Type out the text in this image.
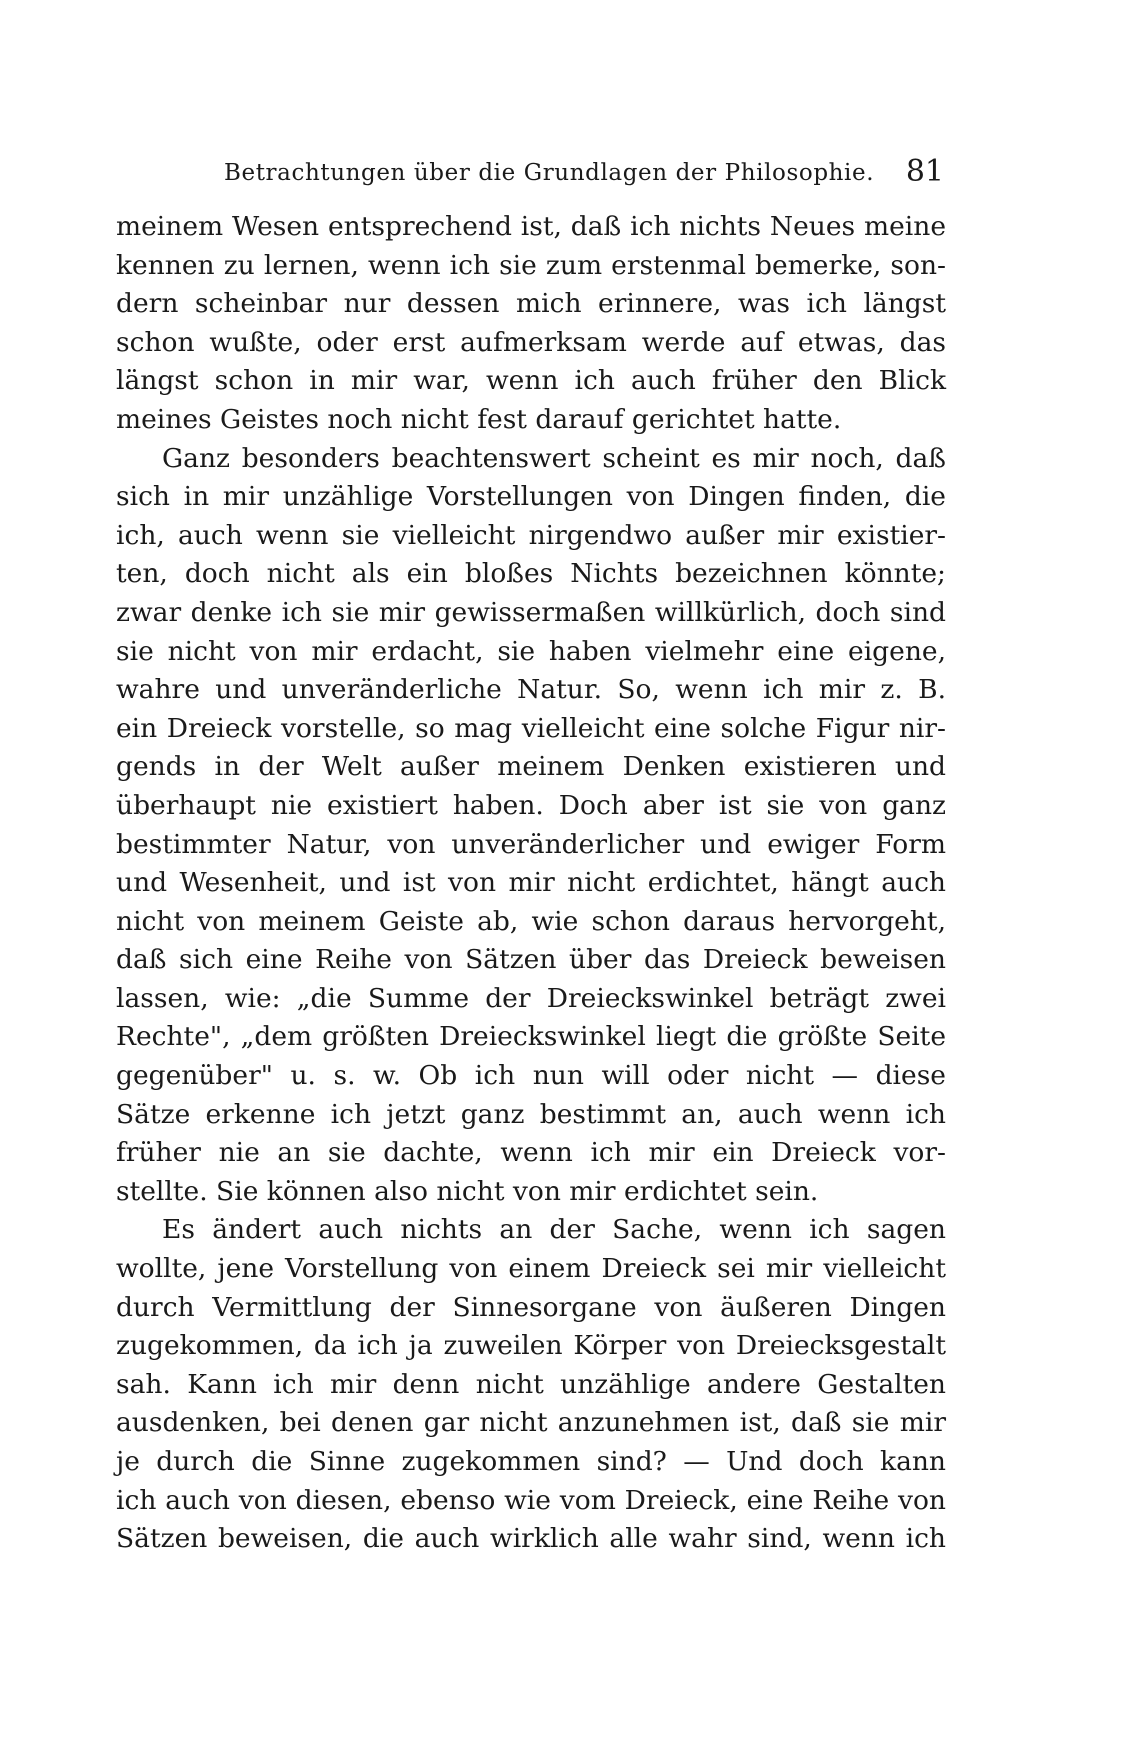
Betrachtungen über die Grundlagen der Philosophie. 81
meinem Wesen entsprechend ist, daß ich nichts Neues meine
kennen zu lernen, wenn ich sie zum erstenmal bemerke, son-
dern scheinbar nur dessen mich erinnere, was ich längst
schon wußte, oder erst aufmerksam werde auf etwas, das
längst schon in mir war, wenn ich auch früher den Blick
meines Geistes noch nicht fest darauf gerichtet hatte.
Ganz besonders beachtenswert scheint es mir noch, daß
sich in mir unzählige Vorstellungen von Dingen finden, die
ich, auch wenn sie vielleicht nirgendwo außer mir existier-
ten, doch nicht als ein bloßes Nichts bezeichnen könnte;
zwar denke ich sie mir gewissermaßen willkürlich, doch sind
sie nicht von mir erdacht, sie haben vielmehr eine eigene,
wahre und unveränderliche Natur. So, wenn ich mir z. B.
ein Dreieck vorstelle, so mag vielleicht eine solche Figur nir-
gends in der Welt außer meinem Denken existieren und
überhaupt nie existiert haben. Doch aber ist sie von ganz
bestimmter Natur, von unveränderlicher und ewiger Form
und Wesenheit, und ist von mir nicht erdichtet, hängt auch
nicht von meinem Geiste ab, wie schon daraus hervorgeht,
daß sich eine Reihe von Sätzen über das Dreieck beweisen
lassen, wie: „die Summe der Dreieckswinkel beträgt zwei
Rechte", „dem größten Dreieckswinkel liegt die größte Seite
gegenüber" u. s. w. Ob ich nun will oder nicht — diese
Sätze erkenne ich jetzt ganz bestimmt an, auch wenn ich
früher nie an sie dachte, wenn ich mir ein Dreieck vor-
stellte. Sie können also nicht von mir erdichtet sein.
Es ändert auch nichts an der Sache, wenn ich sagen
wollte, jene Vorstellung von einem Dreieck sei mir vielleicht
durch Vermittlung der Sinnesorgane von äußeren Dingen
zugekommen, da ich ja zuweilen Körper von Dreiecksgestalt
sah. Kann ich mir denn nicht unzählige andere Gestalten
ausdenken, bei denen gar nicht anzunehmen ist, daß sie mir
je durch die Sinne zugekommen sind? — Und doch kann
ich auch von diesen, ebenso wie vom Dreieck, eine Reihe von
Sätzen beweisen, die auch wirklich alle wahr sind, wenn ich
